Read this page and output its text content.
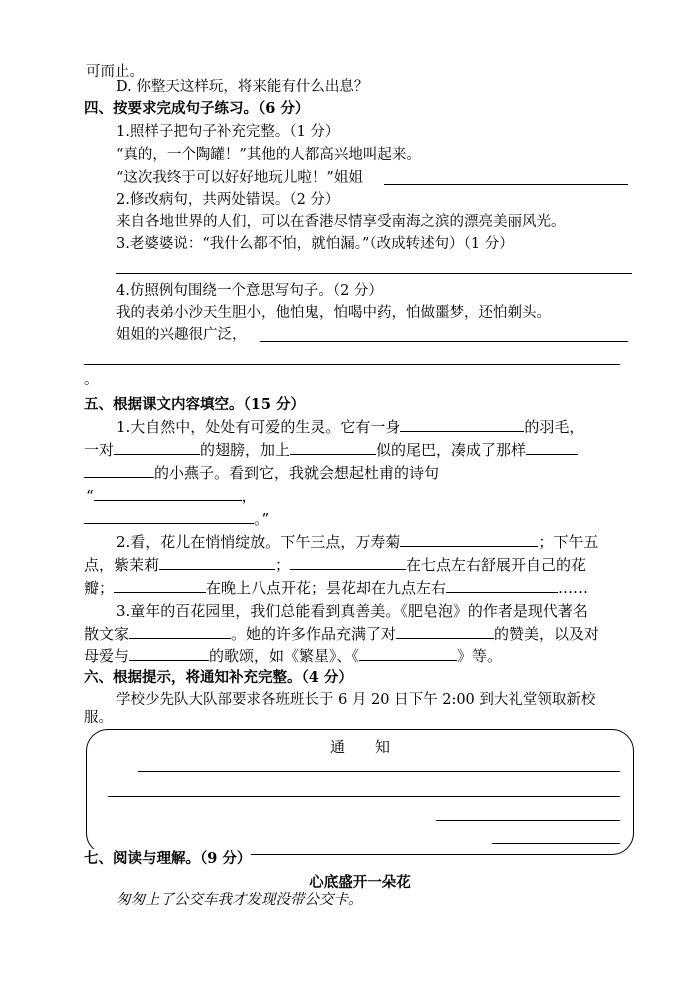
可而止。
D. 你整天这样玩，将来能有什么出息？
四、按要求完成句子练习。（6 分）
1.照样子把句子补充完整。（1 分）
“真的，一个陶罐！”其他的人都高兴地叫起来。
“这次我终于可以好好地玩儿啦！”姐姐
2.修改病句，共两处错误。（2 分）
来自各地世界的人们，可以在香港尽情享受南海之滨的漂亮美丽风光。
3.老婆婆说：“我什么都不怕，就怕漏。”（改成转述句）（1 分）
4.仿照例句围绕一个意思写句子。（2 分）
我的表弟小沙天生胆小，他怕鬼，怕喝中药，怕做噩梦，还怕剃头。
姐姐的兴趣很广泛，
。
五、根据课文内容填空。（15 分）
1.大自然中，处处有可爱的生灵。它有一身	的羽毛，
一对	的翅膀，加上	似的尾巴，凑成了那样
的小燕子。看到它，我就会想起杜甫的诗句
“	，
。”
2.看，花儿在悄悄绽放。下午三点，万寿菊	；下午五
点，紫茉莉	；	在七点左右舒展开自己的花
瓣；	在晚上八点开花；昙花却在九点左右	……
3.童年的百花园里，我们总能看到真善美。《肥皂泡》的作者是现代著名
散文家	。她的许多作品充满了对	的赞美，以及对
母爱与	的歌颂，如《繁星》、《	》等。
六、根据提示，将通知补充完整。（4 分）
学校少先队大队部要求各班班长于 6 月 20 日下午 2:00 到大礼堂领取新校
服。
通　　知
七、阅读与理解。（9 分）
心底盛开一朵花
匆匆上了公交车我才发现没带公交卡。
